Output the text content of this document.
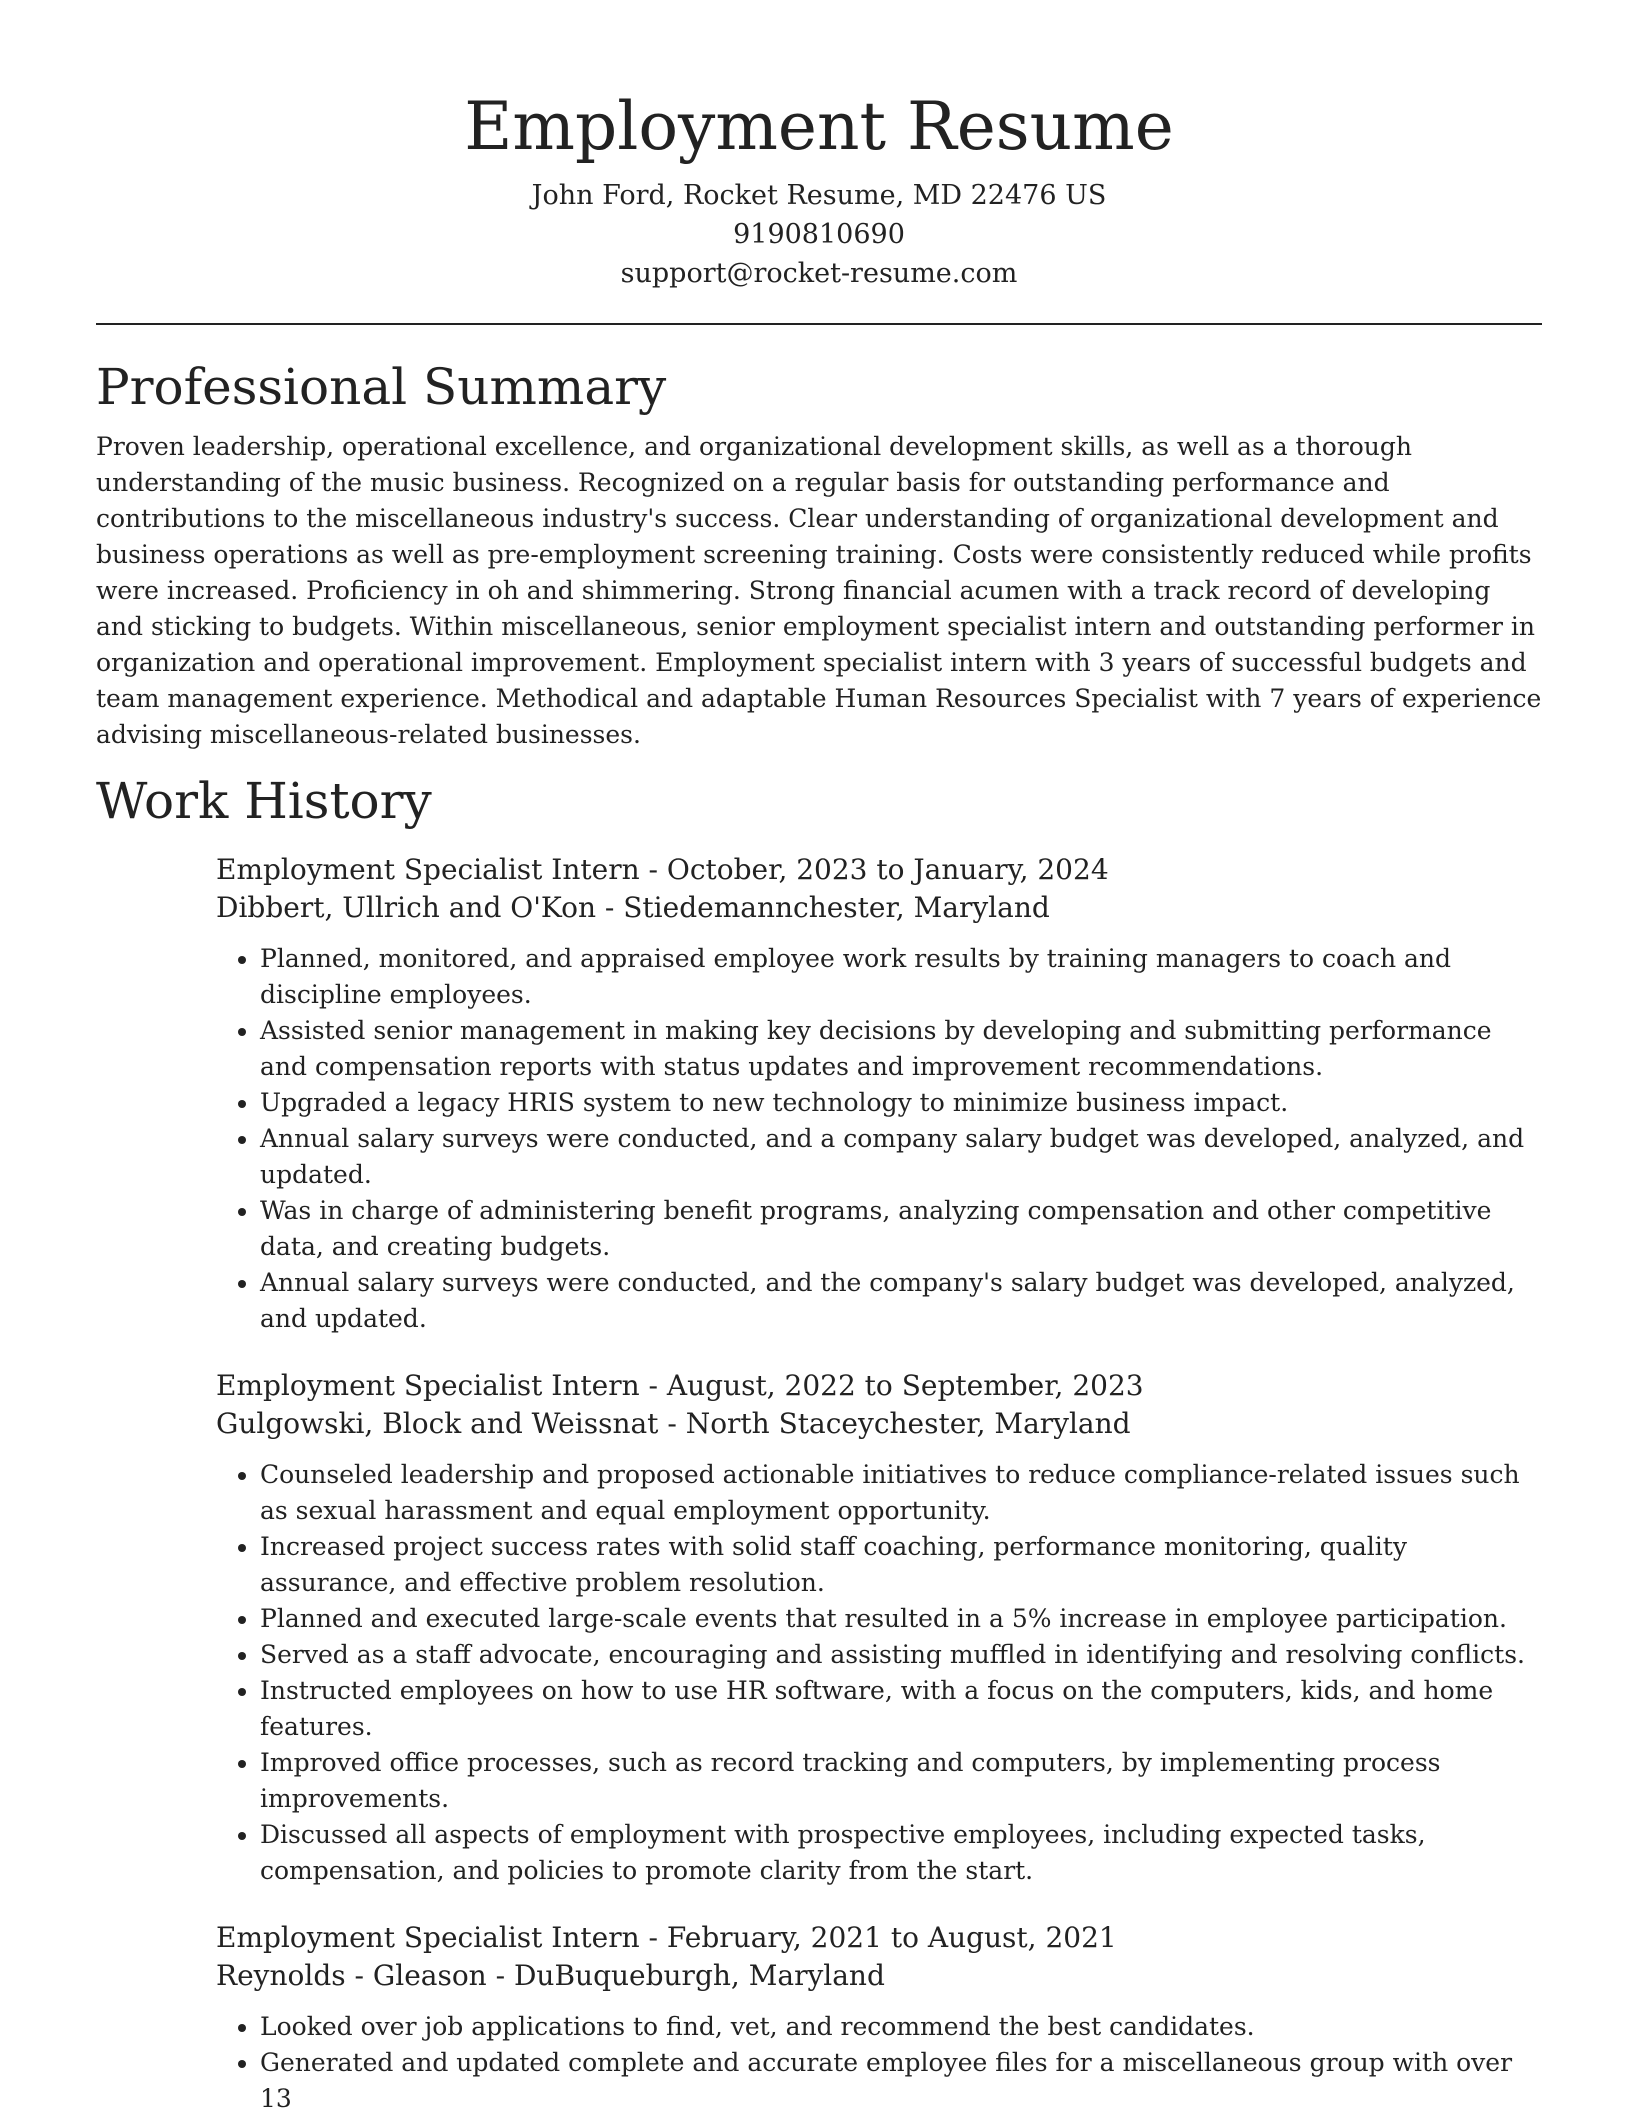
Employment Resume

John Ford, Rocket Resume, MD 22476 US

9190810690

support@rocket-resume.com

Professional Summary

Proven leadership, operational excellence, and organizational development skills, as well as a thorough understanding of the music business. Recognized on a regular basis for outstanding performance and contributions to the miscellaneous industry's success. Clear understanding of organizational development and business operations as well as pre-employment screening training. Costs were consistently reduced while profits were increased. Proficiency in oh and shimmering. Strong financial acumen with a track record of developing and sticking to budgets. Within miscellaneous, senior employment specialist intern and outstanding performer in organization and operational improvement. Employment specialist intern with 3 years of successful budgets and team management experience. Methodical and adaptable Human Resources Specialist with 7 years of experience advising miscellaneous-related businesses.

Work History

Employment Specialist Intern - October, 2023 to January, 2024

Dibbert, Ullrich and O'Kon - Stiedemannchester, Maryland

• Planned, monitored, and appraised employee work results by training managers to coach and discipline employees.
• Assisted senior management in making key decisions by developing and submitting performance and compensation reports with status updates and improvement recommendations.
• Upgraded a legacy HRIS system to new technology to minimize business impact.
• Annual salary surveys were conducted, and a company salary budget was developed, analyzed, and updated.
• Was in charge of administering benefit programs, analyzing compensation and other competitive data, and creating budgets.
• Annual salary surveys were conducted, and the company's salary budget was developed, analyzed, and updated.

Employment Specialist Intern - August, 2022 to September, 2023

Gulgowski, Block and Weissnat - North Staceychester, Maryland

• Counseled leadership and proposed actionable initiatives to reduce compliance-related issues such as sexual harassment and equal employment opportunity.
• Increased project success rates with solid staff coaching, performance monitoring, quality assurance, and effective problem resolution.
• Planned and executed large-scale events that resulted in a 5% increase in employee participation.
• Served as a staff advocate, encouraging and assisting muffled in identifying and resolving conflicts.
• Instructed employees on how to use HR software, with a focus on the computers, kids, and home features.
• Improved office processes, such as record tracking and computers, by implementing process improvements.
• Discussed all aspects of employment with prospective employees, including expected tasks, compensation, and policies to promote clarity from the start.

Employment Specialist Intern - February, 2021 to August, 2021

Reynolds - Gleason - DuBuqueburgh, Maryland

• Looked over job applications to find, vet, and recommend the best candidates.
• Generated and updated complete and accurate employee files for a miscellaneous group with over 13
